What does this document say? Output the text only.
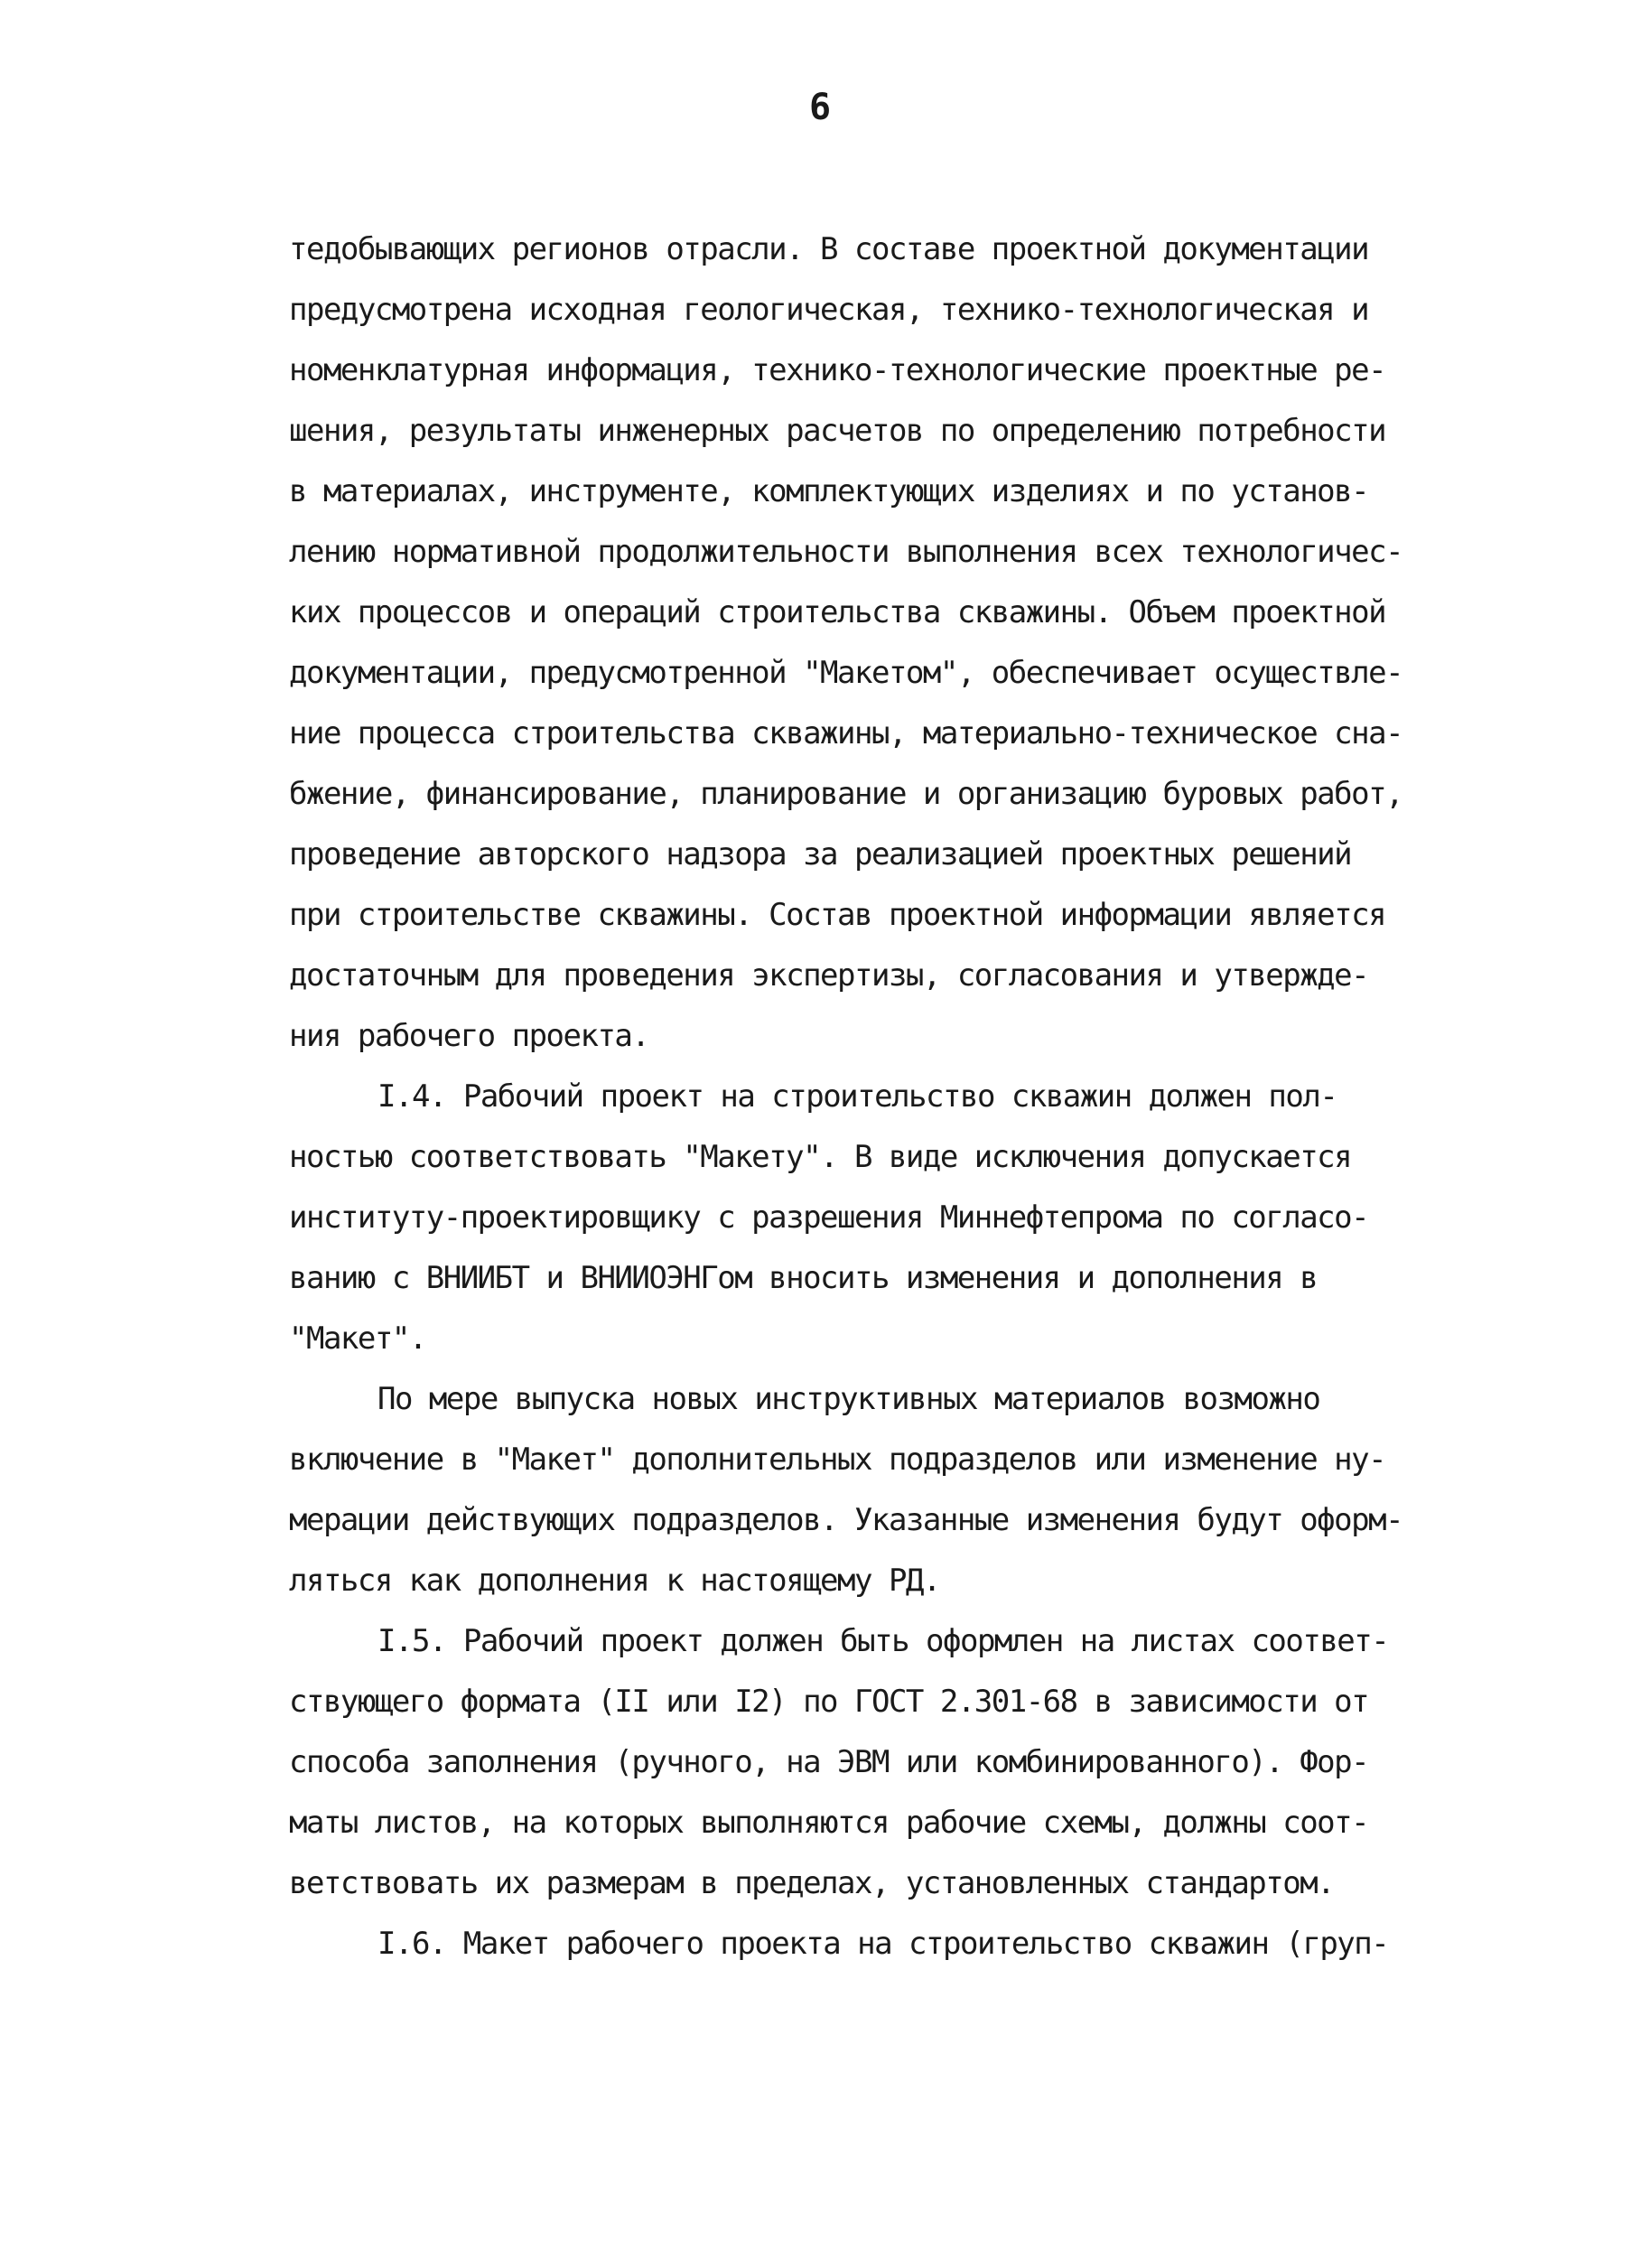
6
тедобывающих регионов отрасли. В составе проектной документации
предусмотрена исходная геологическая, технико-технологическая и
номенклатурная информация, технико-технологические проектные ре-
шения, результаты инженерных расчетов по определению потребности
в материалах, инструменте, комплектующих изделиях и по установ-
лению нормативной продолжительности выполнения всех технологичес-
ких процессов и операций строительства скважины. Объем проектной
документации, предусмотренной "Макетом", обеспечивает осуществле-
ние процесса строительства скважины, материально-техническое сна-
бжение, финансирование, планирование и организацию буровых работ,
проведение авторского надзора за реализацией проектных решений
при строительстве скважины. Состав проектной информации является
достаточным для проведения экспертизы, согласования и утвержде-
ния рабочего проекта.
I.4. Рабочий проект на строительство скважин должен пол-
ностью соответствовать "Макету". В виде исключения допускается
институту-проектировщику с разрешения Миннефтепрома по согласо-
ванию с ВНИИБТ и ВНИИОЭНГом вносить изменения и дополнения в
"Макет".
По мере выпуска новых инструктивных материалов возможно
включение в "Макет" дополнительных подразделов или изменение ну-
мерации действующих подразделов. Указанные изменения будут оформ-
ляться как дополнения к настоящему РД.
I.5. Рабочий проект должен быть оформлен на листах соответ-
ствующего формата (II или I2) по ГОСТ 2.301-68 в зависимости от
способа заполнения (ручного, на ЭВМ или комбинированного). Фор-
маты листов, на которых выполняются рабочие схемы, должны соот-
ветствовать их размерам в пределах, установленных стандартом.
I.6. Макет рабочего проекта на строительство скважин (груп-
